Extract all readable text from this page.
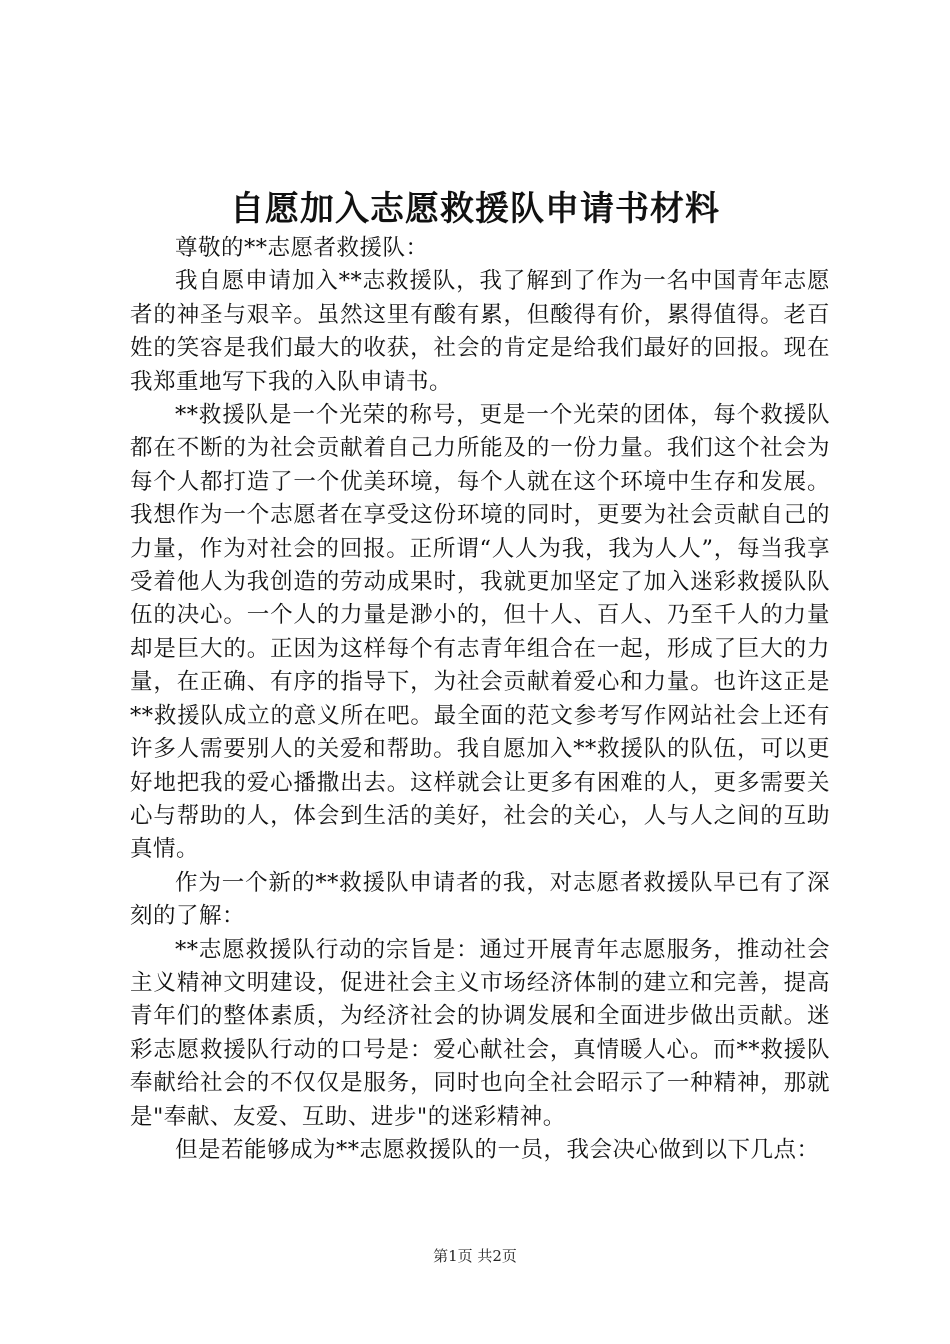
自愿加入志愿救援队申请书材料

尊敬的**志愿者救援队：

我自愿申请加入**志救援队，我了解到了作为一名中国青年志愿者的神圣与艰辛。虽然这里有酸有累，但酸得有价，累得值得。老百姓的笑容是我们最大的收获，社会的肯定是给我们最好的回报。现在我郑重地写下我的入队申请书。

**救援队是一个光荣的称号，更是一个光荣的团体，每个救援队都在不断的为社会贡献着自己力所能及的一份力量。我们这个社会为每个人都打造了一个优美环境，每个人就在这个环境中生存和发展。我想作为一个志愿者在享受这份环境的同时，更要为社会贡献自己的力量，作为对社会的回报。正所谓“人人为我，我为人人”，每当我享受着他人为我创造的劳动成果时，我就更加坚定了加入迷彩救援队队伍的决心。一个人的力量是渺小的，但十人、百人、乃至千人的力量却是巨大的。正因为这样每个有志青年组合在一起，形成了巨大的力量，在正确、有序的指导下，为社会贡献着爱心和力量。也许这正是**救援队成立的意义所在吧。最全面的范文参考写作网站社会上还有许多人需要别人的关爱和帮助。我自愿加入**救援队的队伍，可以更好地把我的爱心播撒出去。这样就会让更多有困难的人，更多需要关心与帮助的人，体会到生活的美好，社会的关心，人与人之间的互助真情。

作为一个新的**救援队申请者的我，对志愿者救援队早已有了深刻的了解：

**志愿救援队行动的宗旨是：通过开展青年志愿服务，推动社会主义精神文明建设，促进社会主义市场经济体制的建立和完善，提高青年们的整体素质，为经济社会的协调发展和全面进步做出贡献。迷彩志愿救援队行动的口号是：爱心献社会，真情暖人心。而**救援队奉献给社会的不仅仅是服务，同时也向全社会昭示了一种精神，那就是"奉献、友爱、互助、进步"的迷彩精神。

但是若能够成为**志愿救援队的一员，我会决心做到以下几点：

第1页 共2页
